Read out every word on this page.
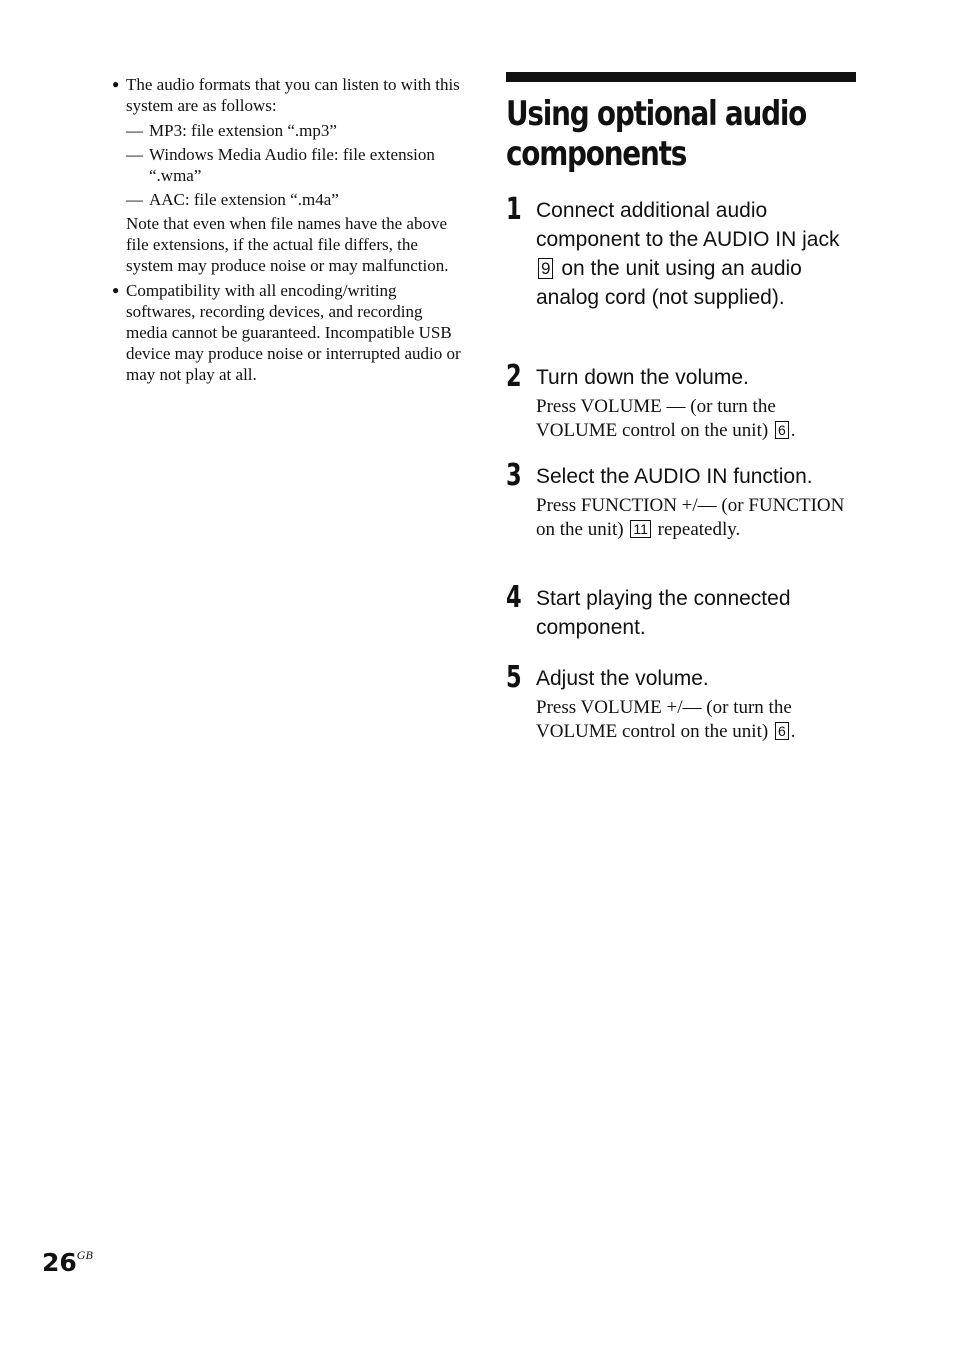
● The audio formats that you can listen to with this system are as follows:
— MP3: file extension “.mp3”
— Windows Media Audio file: file extension “.wma”
— AAC: file extension “.m4a”
Note that even when file names have the above file extensions, if the actual file differs, the system may produce noise or may malfunction.
● Compatibility with all encoding/writing softwares, recording devices, and recording media cannot be guaranteed. Incompatible USB device may produce noise or interrupted audio or may not play at all.
Using optional audio
components
1 Connect additional audio component to the AUDIO IN jack 9 on the unit using an audio analog cord (not supplied).
2 Turn down the volume.
Press VOLUME — (or turn the VOLUME control on the unit) 6 .
3 Select the AUDIO IN function.
Press FUNCTION +/— (or FUNCTION on the unit) 11 repeatedly.
4 Start playing the connected component.
5 Adjust the volume.
Press VOLUME +/— (or turn the VOLUME control on the unit) 6 .
$26^{GB}$
